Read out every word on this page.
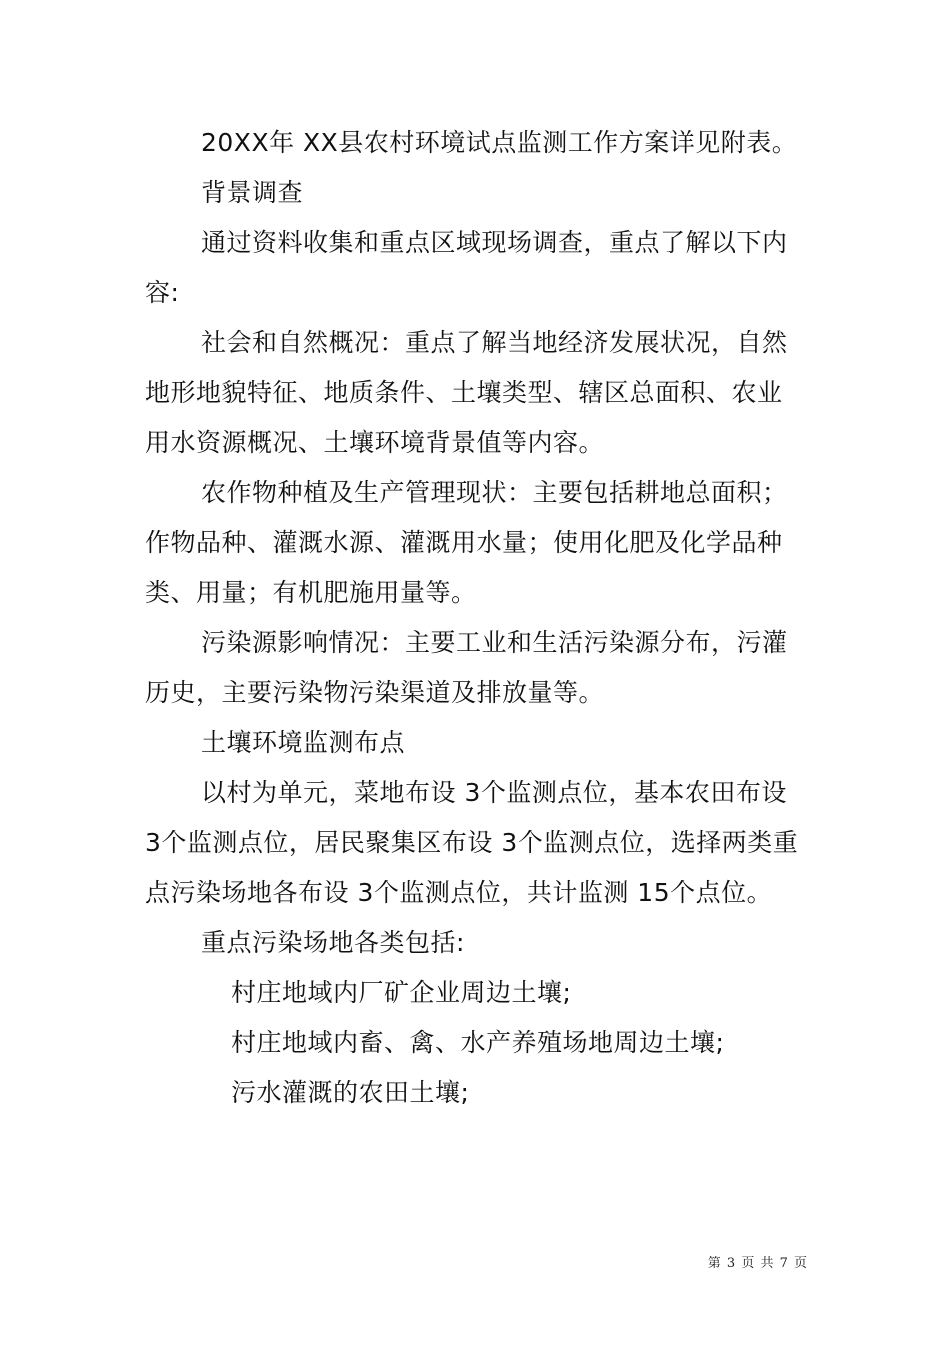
20XX年 XX县农村环境试点监测工作方案详见附表。

背景调查

通过资料收集和重点区域现场调查，重点了解以下内容:

社会和自然概况：重点了解当地经济发展状况，自然地形地貌特征、地质条件、土壤类型、辖区总面积、农业用水资源概况、土壤环境背景值等内容。

农作物种植及生产管理现状：主要包括耕地总面积；作物品种、灌溉水源、灌溉用水量；使用化肥及化学品种类、用量；有机肥施用量等。

污染源影响情况：主要工业和生活污染源分布，污灌历史，主要污染物污染渠道及排放量等。

土壤环境监测布点

以村为单元，菜地布设 3个监测点位，基本农田布设 3个监测点位，居民聚集区布设 3个监测点位，选择两类重点污染场地各布设 3个监测点位，共计监测 15个点位。

重点污染场地各类包括:

村庄地域内厂矿企业周边土壤;

村庄地域内畜、禽、水产养殖场地周边土壤;

污水灌溉的农田土壤;

第 3 页 共 7 页
